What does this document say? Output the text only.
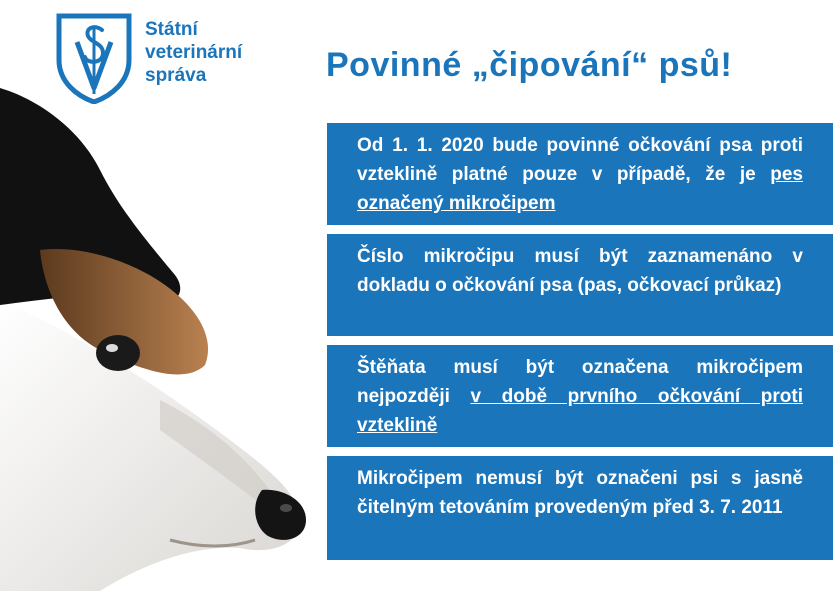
Státní
veterinární
správa	Povinné „čipování“ psů!
Od 1. 1. 2020 bude povinné očkování psa proti vzteklině platné pouze v případě, že je pes označený mikročipem
Číslo mikročipu musí být zaznamenáno v dokladu o očkování psa (pas, očkovací průkaz)
Štěňata musí být označena mikročipem nejpozději v době prvního očkování proti vzteklině
Mikročipem nemusí být označeni psi s jasně čitelným tetováním provedeným před 3. 7. 2011
